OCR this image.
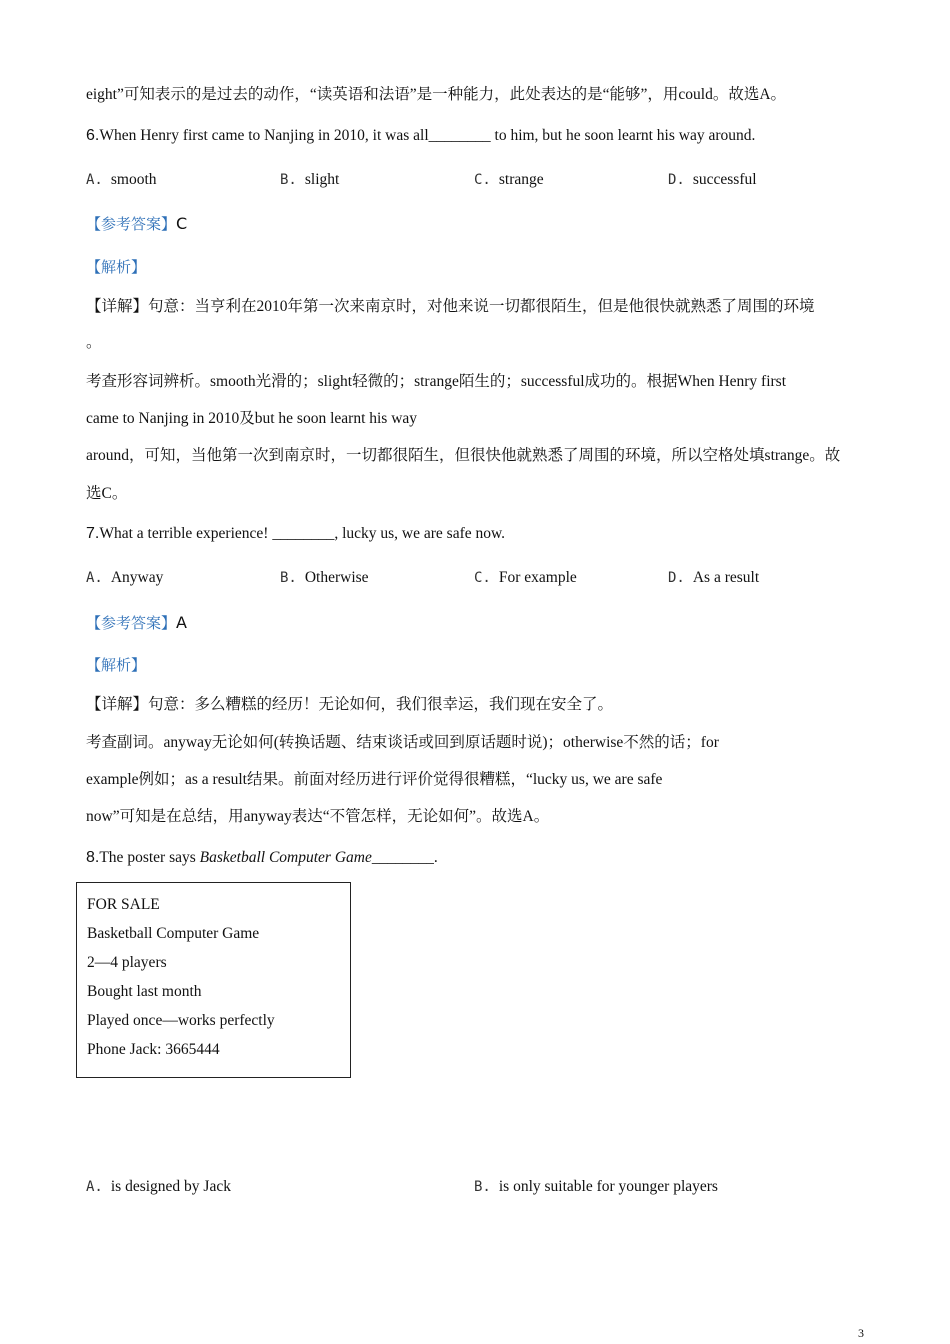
eight”可知表示的是过去的动作，“读英语和法语”是一种能力，此处表达的是“能够”，用could。故选A。
6.When Henry first came to Nanjing in 2010, it was all________ to him, but he soon learnt his way around.
A. smooth	B. slight	C. strange	D. successful
【参考答案】C
【解析】
【详解】句意：当亨利在2010年第一次来南京时，对他来说一切都很陌生，但是他很快就熟悉了周围的环境
。
考查形容词辨析。smooth光滑的；slight轻微的；strange陌生的；successful成功的。根据When Henry first
came to Nanjing in 2010及but he soon learnt his way
around，可知，当他第一次到南京时，一切都很陌生，但很快他就熟悉了周围的环境，所以空格处填strange。故
选C。
7.What a terrible experience! ________, lucky us, we are safe now.
A. Anyway	B. Otherwise	C. For example	D. As a result
【参考答案】A
【解析】
【详解】句意：多么糟糕的经历！无论如何，我们很幸运，我们现在安全了。
考查副词。anyway无论如何(转换话题、结束谈话或回到原话题时说)；otherwise不然的话；for
example例如；as a result结果。前面对经历进行评价觉得很糟糕，“lucky us, we are safe
now”可知是在总结，用anyway表达“不管怎样，无论如何”。故选A。
8.The poster says Basketball Computer Game________.
FOR SALE
Basketball Computer Game
2—4 players
Bought last month
Played once—works perfectly
Phone Jack: 3665444
A. is designed by Jack	B. is only suitable for younger players
3
